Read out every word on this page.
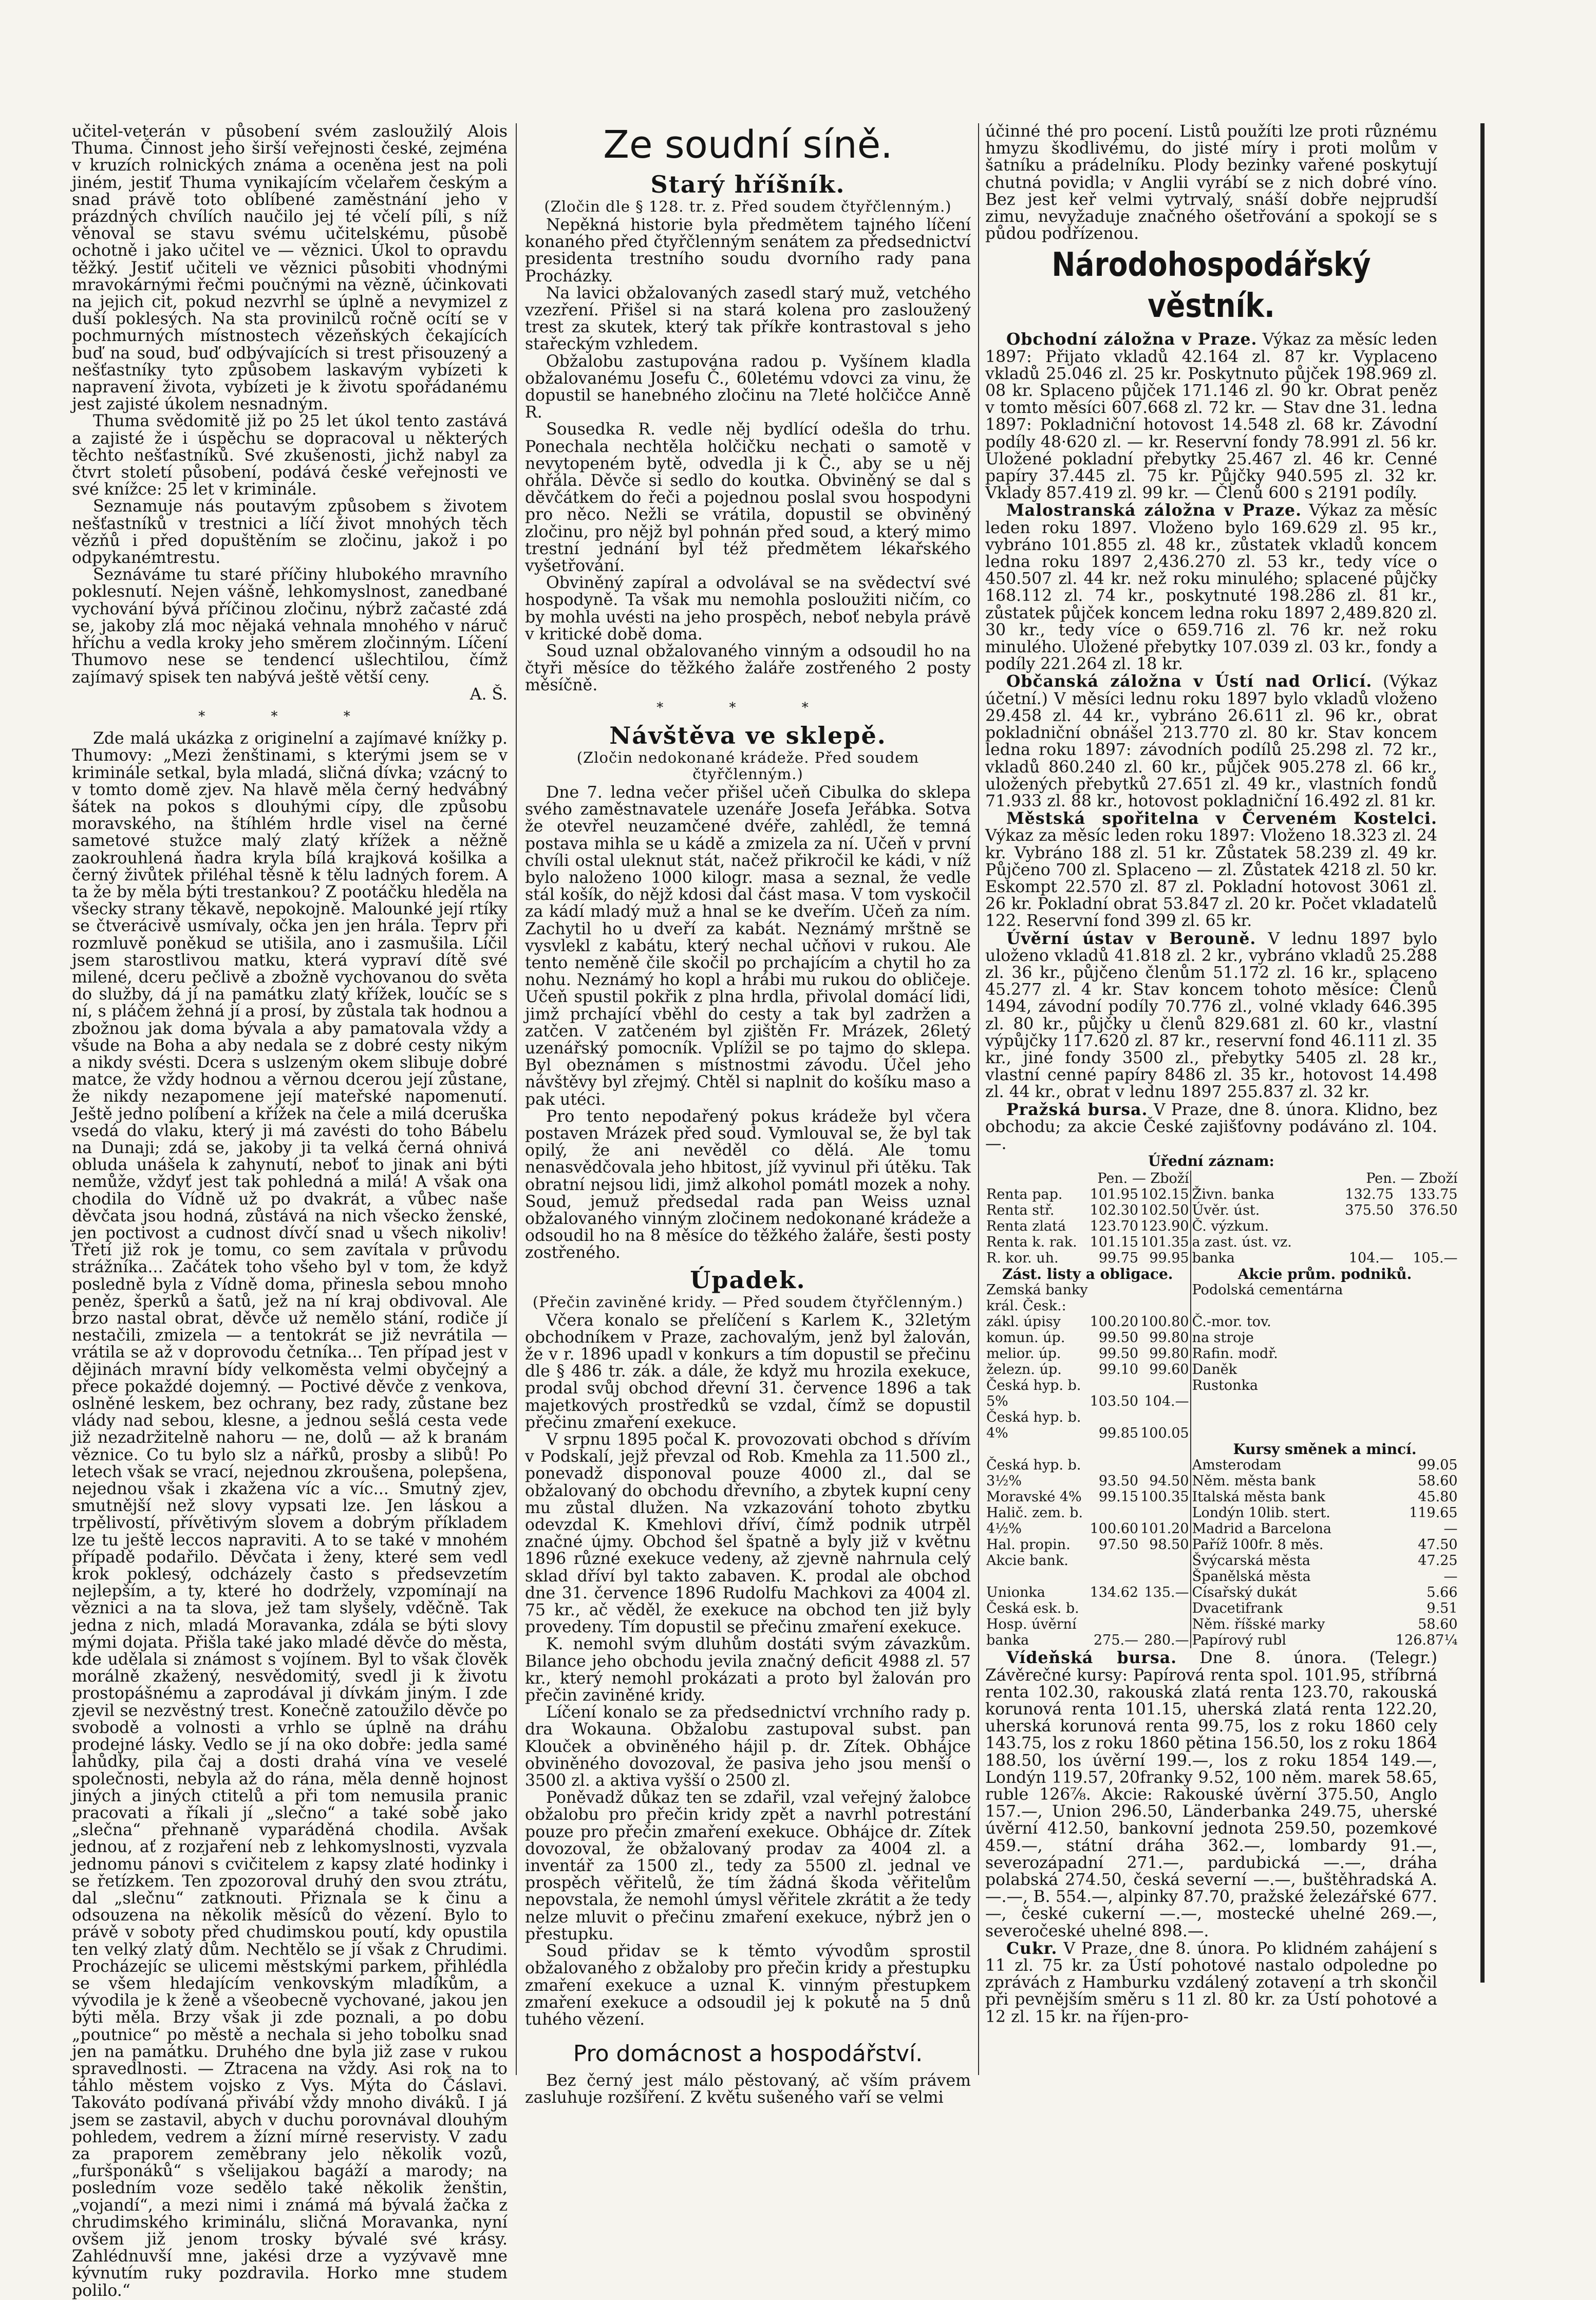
učitel-veterán v působení svém zasloužilý Alois Thuma. Činnost jeho širší veřejnosti české, zejména v kruzích rolnických známa a oceněna jest na poli jiném, jestiť Thuma vynikajícím včelařem českým a snad právě toto oblíbené zaměstnání jeho v prázdných chvílích naučilo jej té včelí píli, s níž věnoval se stavu svému učitelskému, působě ochotně i jako učitel ve — věznici. Úkol to opravdu těžký. Jestiť učiteli ve věznici působiti vhodnými mravokárnými řečmi poučnými na vězně, účinkovati na jejich cit, pokud nezvrhl se úplně a nevymizel z duší poklesých. Na sta provinilců ročně ocítí se v pochmurných místnostech vězeňských čekajících buď na soud, buď odbývajících si trest přisouzený a nešťastníky tyto způsobem laskavým vybízeti k napravení života, vybízeti je k životu spořádanému jest zajisté úkolem nesnadným.

Thuma svědomitě již po 25 let úkol tento zastává a zajisté že i úspěchu se dopracoval u některých těchto nešťastníků. Své zkušenosti, jichž nabyl za čtvrt století působení, podává české veřejnosti ve své knížce: 25 let v kriminále.

Seznamuje nás poutavým způsobem s životem nešťastníků v trestnici a líčí život mnohých těch vězňů i před dopuštěním se zločinu, jakož i po odpykanémtrestu.

Seznáváme tu staré příčiny hlubokého mravního poklesnutí. Nejen vášně, lehkomyslnost, zanedbané vychování bývá příčinou zločinu, nýbrž začasté zdá se, jakoby zlá moc nějaká vehnala mnohého v náruč hříchu a vedla kroky jeho směrem zločinným. Líčení Thumovo nese se tendencí ušlechtilou, čímž zajímavý spisek ten nabývá ještě větší ceny.

A. Š.
* * *

Zde malá ukázka z originelní a zajímavé knížky p. Thumovy: „Mezi ženštinami, s kterými jsem se v kriminále setkal, byla mladá, sličná dívka; vzácný to v tomto domě zjev. Na hlavě měla černý hedvábný šátek na pokos s dlouhými cípy, dle způsobu moravského, na štíhlém hrdle visel na černé sametové stužce malý zlatý křížek a něžně zaokrouhlená ňadra kryla bílá krajková košilka a černý živůtek přiléhal těsně k tělu ladných forem. A ta že by měla býti trestankou? Z pootáčku hleděla na všecky strany těkavě, nepokojně. Malounké její rtíky se čtverácivě usmívaly, očka jen jen hrála. Teprv při rozmluvě poněkud se utišila, ano i zasmušila. Líčil jsem starostlivou matku, která vypraví dítě své milené, dceru pečlivě a zbožně vychovanou do světa do služby, dá jí na památku zlatý křížek, loučíc se s ní, s pláčem žehná jí a prosí, by zůstala tak hodnou a zbožnou jak doma bývala a aby pamatovala vždy a všude na Boha a aby nedala se z dobré cesty nikým a nikdy svésti. Dcera s uslzeným okem slibuje dobré matce, že vždy hodnou a věrnou dcerou její zůstane, že nikdy nezapomene její mateřské napomenutí. Ještě jedno políbení a křížek na čele a milá dceruška vsedá do vlaku, který ji má zavésti do toho Bábelu na Dunaji; zdá se, jakoby ji ta velká černá ohnivá obluda unášela k zahynutí, neboť to jinak ani býti nemůže, vždyť jest tak pohledná a milá! A však ona chodila do Vídně už po dvakrát, a vůbec naše děvčata jsou hodná, zůstává na nich všecko ženské, jen poctivost a cudnost dívčí snad u všech nikoliv! Třetí již rok je tomu, co sem zavítala v průvodu strážníka... Začátek toho všeho byl v tom, že když posledně byla z Vídně doma, přinesla sebou mnoho peněz, šperků a šatů, jež na ní kraj obdivoval. Ale brzo nastal obrat, děvče už nemělo stání, rodiče jí nestačili, zmizela — a tentokrát se již nevrátila — vrátila se až v doprovodu četníka... Ten případ jest v dějinách mravní bídy velkoměsta velmi obyčejný a přece pokaždé dojemný. — Poctivé děvče z venkova, oslněné leskem, bez ochrany, bez rady, zůstane bez vlády nad sebou, klesne, a jednou sešlá cesta vede již nezadržitelně nahoru — ne, dolů — až k branám věznice. Co tu bylo slz a nářků, prosby a slibů! Po letech však se vrací, nejednou zkroušena, polepšena, nejednou však i zkažena víc a víc... Smutný zjev, smutnější než slovy vypsati lze. Jen láskou a trpělivostí, přívětivým slovem a dobrým příkladem lze tu ještě leccos napraviti. A to se také v mnohém případě podařilo. Děvčata i ženy, které sem vedl krok poklesý, odcházely často s předsevzetím nejlepším, a ty, které ho dodržely, vzpomínají na věznici a na ta slova, jež tam slyšely, vděčně. Tak jedna z nich, mladá Moravanka, zdála se býti slovy mými dojata. Přišla také jako mladé děvče do města, kde udělala si známost s vojínem. Byl to však člověk morálně zkažený, nesvědomitý, svedl ji k životu prostopášnému a zaprodával ji dívkám jiným. I zde zjevil se nezvěstný trest. Konečně zatoužilo děvče po svobodě a volnosti a vrhlo se úplně na dráhu prodejné lásky. Vedlo se jí na oko dobře: jedla samé lahůdky, pila čaj a dosti drahá vína ve veselé společnosti, nebyla až do rána, měla denně hojnost jiných a jiných ctitelů a při tom nemusila pranic pracovati a říkali jí „slečno“ a také sobě jako „slečna“ přehnaně vyparáděná chodila. Avšak jednou, ať z rozjaření neb z lehkomyslnosti, vyzvala jednomu pánovi s cvičitelem z kapsy zlaté hodinky i se řetízkem. Ten zpozoroval druhý den svou ztrátu, dal „slečnu“ zatknouti. Přiznala se k činu a odsouzena na několik měsíců do vězení. Bylo to právě v soboty před chudimskou poutí, kdy opustila ten velký zlatý dům. Nechtělo se jí však z Chrudimi. Procházejíc se ulicemi městskými parkem, přihlédla se všem hledajícím venkovským mladíkům, a vývodila je k ženě a všeobecně vychované, jakou jen býti měla. Brzy však ji zde poznali, a po dobu „poutnice“ po městě a nechala si jeho tobolku snad jen na památku. Druhého dne byla již zase v rukou spravedlnosti. — Ztracena na vždy. Asi rok na to táhlo městem vojsko z Vys. Mýta do Čáslavi. Takováto podívaná přivábí vždy mnoho diváků. I já jsem se zastavil, abych v duchu porovnával dlouhým pohledem, vedrem a žízní mírné reservisty. V zadu za praporem zeměbrany jelo několik vozů, „furšponáků“ s všelijakou bagáží a marody; na posledním voze sedělo také několik ženštin, „vojandí“, a mezi nimi i známá má bývalá žačka z chrudimského kriminálu, sličná Moravanka, nyní ovšem již jenom trosky bývalé své krásy. Zahlédnuvší mne, jakési drze a vyzývavě mne kývnutím ruky pozdravila. Horko mne studem polilo.“

Ze soudní síně.
Starý hříšník.
(Zločin dle § 128. tr. z. Před soudem čtyřčlenným.)

Nepěkná historie byla předmětem tajného líčení konaného před čtyřčlenným senátem za předsednictví presidenta trestního soudu dvorního rady pana Procházky.

Na lavici obžalovaných zasedl starý muž, vetchého vzezření. Přišel si na stará kolena pro zasloužený trest za skutek, který tak příkře kontrastoval s jeho stařeckým vzhledem.

Obžalobu zastupována radou p. Vyšínem kladla obžalovanému Josefu Č., 60letému vdovci za vinu, že dopustil se hanebného zločinu na 7leté holčičce Anně R.

Sousedka R. vedle něj bydlící odešla do trhu. Ponechala nechtěla holčičku nechati o samotě v nevytopeném bytě, odvedla ji k Č., aby se u něj ohřála. Děvče si sedlo do koutka. Obviněný se dal s děvčátkem do řeči a pojednou poslal svou hospodyni pro něco. Nežli se vrátila, dopustil se obviněný zločinu, pro nějž byl pohnán před soud, a který mimo trestní jednání byl též předmětem lékařského vyšetřování.

Obviněný zapíral a odvolával se na svědectví své hospodyně. Ta však mu nemohla posloužiti ničím, co by mohla uvésti na jeho prospěch, neboť nebyla právě v kritické době doma.

Soud uznal obžalovaného vinným a odsoudil ho na čtyři měsíce do těžkého žaláře zostřeného 2 posty měsíčně.

* * *
Návštěva ve sklepě.
(Zločin nedokonané krádeže. Před soudem čtyřčlenným.)

Dne 7. ledna večer přišel učeň Cibulka do sklepa svého zaměstnavatele uzenáře Josefa Jeřábka. Sotva že otevřel neuzamčené dvéře, zahlédl, že temná postava mihla se u kádě a zmizela za ní. Učeň v první chvíli ostal uleknut stát, načež přikročil ke kádi, v níž bylo naloženo 1000 kilogr. masa a seznal, že vedle stál košík, do nějž kdosi dal část masa. V tom vyskočil za kádí mladý muž a hnal se ke dveřím. Učeň za ním. Zachytil ho u dveří za kabát. Neznámý mrštně se vysvlekl z kabátu, který nechal učňovi v rukou. Ale tento neměně čile skočil po prchajícím a chytil ho za nohu. Neznámý ho kopl a hrábi mu rukou do obličeje. Učeň spustil pokřik z plna hrdla, přivolal domácí lidi, jimž prchající vběhl do cesty a tak byl zadržen a zatčen. V zatčeném byl zjištěn Fr. Mrázek, 26letý uzenářský pomocník. Vplížil se po tajmo do sklepa. Byl obeznámen s místnostmi závodu. Účel jeho návštěvy byl zřejmý. Chtěl si naplnit do košíku maso a pak utéci.

Pro tento nepodařený pokus krádeže byl včera postaven Mrázek před soud. Vymlouval se, že byl tak opilý, že ani nevěděl co dělá. Ale tomu nenasvědčovala jeho hbitost, jíž vyvinul při útěku. Tak obratní nejsou lidi, jimž alkohol pomátl mozek a nohy. Soud, jemuž předsedal rada pan Weiss uznal obžalovaného vinným zločinem nedokonané krádeže a odsoudil ho na 8 měsíce do těžkého žaláře, šesti posty zostřeného.

Úpadek.
(Přečin zaviněné kridy. — Před soudem čtyřčlenným.)

Včera konalo se přelíčení s Karlem K., 32letým obchodníkem v Praze, zachovalým, jenž byl žalován, že v r. 1896 upadl v konkurs a tím dopustil se přečinu dle § 486 tr. zák. a dále, že když mu hrozila exekuce, prodal svůj obchod dřevní 31. července 1896 a tak majetkových prostředků se vzdal, čímž se dopustil přečinu zmaření exekuce.

V srpnu 1895 počal K. provozovati obchod s dřívím v Podskalí, jejž převzal od Rob. Kmehla za 11.500 zl., ponevadž disponoval pouze 4000 zl., dal se obžalovaný do obchodu dřevního, a zbytek kupní ceny mu zůstal dlužen. Na vzkazování tohoto zbytku odevzdal K. Kmehlovi dříví, čímž podnik utrpěl značné újmy. Obchod šel špatně a byly již v květnu 1896 různé exekuce vedeny, až zjevně nahrnula celý sklad dříví byl takto zabaven. K. prodal ale obchod dne 31. července 1896 Rudolfu Machkovi za 4004 zl. 75 kr., ač věděl, že exekuce na obchod ten již byly provedeny. Tím dopustil se přečinu zmaření exekuce.

K. nemohl svým dluhům dostáti svým závazkům. Bilance jeho obchodu jevila značný deficit 4988 zl. 57 kr., který nemohl prokázati a proto byl žalován pro přečin zaviněné kridy.

Líčení konalo se za předsednictví vrchního rady p. dra Wokauna. Obžalobu zastupoval subst. pan Klouček a obviněného hájil p. dr. Zítek. Obhájce obviněného dovozoval, že pasiva jeho jsou menší o 3500 zl. a aktiva vyšší o 2500 zl.

Poněvadž důkaz ten se zdařil, vzal veřejný žalobce obžalobu pro přečin kridy zpět a navrhl potrestání pouze pro přečin zmaření exekuce. Obhájce dr. Zítek dovozoval, že obžalovaný prodav za 4004 zl. a inventář za 1500 zl., tedy za 5500 zl. jednal ve prospěch věřitelů, že tím žádná škoda věřitelům nepovstala, že nemohl úmysl věřitele zkrátit a že tedy nelze mluvit o přečinu zmaření exekuce, nýbrž jen o přestupku.

Soud přidav se k těmto vývodům sprostil obžalovaného z obžaloby pro přečin kridy a přestupku zmaření exekuce a uznal K. vinným přestupkem zmaření exekuce a odsoudil jej k pokutě na 5 dnů tuhého vězení.

Pro domácnost a hospodářství.

Bez černý jest málo pěstovaný, ač vším právem zasluhuje rozšíření. Z květu sušeného vaří se velmi

účinné thé pro pocení. Listů použíti lze proti různému hmyzu škodlivému, do jisté míry i proti molům v šatníku a prádelníku. Plody bezinky vařené poskytují chutná povidla; v Anglii vyrábí se z nich dobré víno. Bez jest keř velmi vytrvalý, snáší dobře nejprudší zimu, nevyžaduje značného ošetřování a spokojí se s půdou podřízenou.

Národohospodářský věstník.

Obchodní záložna v Praze. Výkaz za měsíc leden 1897: Přijato vkladů 42.164 zl. 87 kr. Vyplaceno vkladů 25.046 zl. 25 kr. Poskytnuto půjček 198.969 zl. 08 kr. Splaceno půjček 171.146 zl. 90 kr. Obrat peněz v tomto měsíci 607.668 zl. 72 kr. — Stav dne 31. ledna 1897: Pokladniční hotovost 14.548 zl. 68 kr. Závodní podíly 48·620 zl. — kr. Reservní fondy 78.991 zl. 56 kr. Uložené pokladní přebytky 25.467 zl. 46 kr. Cenné papíry 37.445 zl. 75 kr. Půjčky 940.595 zl. 32 kr. Vklady 857.419 zl. 99 kr. — Členů 600 s 2191 podíly.

Malostranská záložna v Praze. Výkaz za měsíc leden roku 1897. Vloženo bylo 169.629 zl. 95 kr., vybráno 101.855 zl. 48 kr., zůstatek vkladů koncem ledna roku 1897 2,436.270 zl. 53 kr., tedy více o 450.507 zl. 44 kr. než roku minulého; splacené půjčky 168.112 zl. 74 kr., poskytnuté 198.286 zl. 81 kr., zůstatek půjček koncem ledna roku 1897 2,489.820 zl. 30 kr., tedy více o 659.716 zl. 76 kr. než roku minulého. Uložené přebytky 107.039 zl. 03 kr., fondy a podíly 221.264 zl. 18 kr.

Občanská záložna v Ústí nad Orlicí. (Výkaz účetní.) V měsíci lednu roku 1897 bylo vkladů vloženo 29.458 zl. 44 kr., vybráno 26.611 zl. 96 kr., obrat pokladniční obnášel 213.770 zl. 80 kr. Stav koncem ledna roku 1897: závodních podílů 25.298 zl. 72 kr., vkladů 860.240 zl. 60 kr., půjček 905.278 zl. 66 kr., uložených přebytků 27.651 zl. 49 kr., vlastních fondů 71.933 zl. 88 kr., hotovost pokladniční 16.492 zl. 81 kr.

Městská spořitelna v Červeném Kostelci. Výkaz za měsíc leden roku 1897: Vloženo 18.323 zl. 24 kr. Vybráno 188 zl. 51 kr. Zůstatek 58.239 zl. 49 kr. Půjčeno 700 zl. Splaceno — zl. Zůstatek 4218 zl. 50 kr. Eskompt 22.570 zl. 87 zl. Pokladní hotovost 3061 zl. 26 kr. Pokladní obrat 53.847 zl. 20 kr. Počet vkladatelů 122. Reservní fond 399 zl. 65 kr.

Úvěrní ústav v Berouně. V lednu 1897 bylo uloženo vkladů 41.818 zl. 2 kr., vybráno vkladů 25.288 zl. 36 kr., půjčeno členům 51.172 zl. 16 kr., splaceno 45.277 zl. 4 kr. Stav koncem tohoto měsíce: Členů 1494, závodní podíly 70.776 zl., volné vklady 646.395 zl. 80 kr., půjčky u členů 829.681 zl. 60 kr., vlastní výpůjčky 117.620 zl. 87 kr., reservní fond 46.111 zl. 35 kr., jiné fondy 3500 zl., přebytky 5405 zl. 28 kr., vlastní cenné papíry 8486 zl. 35 kr., hotovost 14.498 zl. 44 kr., obrat v lednu 1897 255.837 zl. 32 kr.

Pražská bursa. V Praze, dne 8. února. Klidno, bez obchodu; za akcie České zajišťovny podáváno zl. 104.—.

Úřední záznam:
	Pen. — Zboží			Pen. — Zboží	
Renta pap.	101.95	102.15	Živn. banka	132.75	133.75
Renta stř.	102.30	102.50	Úvěr. úst.	375.50	376.50
Renta zlatá	123.70	123.90	Č. výzkum.		
Renta k. rak.	101.15	101.35	a zast. úst. vz.		
R. kor. uh.	99.75	99.95	banka	104.—	105.—
Zást. listy a obligace.			Akcie prům. podniků.		
Zemská banky			Podolská cementárna		
král. Česk.:					
zákl. úpisy	100.20	100.80	Č.-mor. tov.		
komun. úp.	99.50	99.80	na stroje		
melior. úp.	99.50	99.80	Rafin. modř.		
železn. úp.	99.10	99.60	Daněk		
Česká hyp. b.			Rustonka		
5%	103.50	104.—			
Česká hyp. b.					
4%	99.85	100.05			
			Kursy směnek a mincí.		
Česká hyp. b.			Amsterodam		99.05
3½%	93.50	94.50	Něm. města bank		58.60
Moravské 4%	99.15	100.35	Italská města bank		45.80
Halič. zem. b.			Londýn 10lib. stert.		119.65
4½%	100.60	101.20	Madrid a Barcelona		—
Hal. propin.	97.50	98.50	Paříž 100fr. 8 měs.		47.50
Akcie bank.			Švýcarská města		47.25
			Španělská města		—
Unionka	134.62	135.—	Císařský dukát		5.66
Česká esk. b.			Dvacetifrank		9.51
Hosp. úvěrní			Něm. říšské marky		58.60
banka	275.—	280.—	Papírový rubl		126.87¼

Vídeňská bursa. Dne 8. února. (Telegr.) Závěrečné kursy: Papírová renta spol. 101.95, stříbrná renta 102.30, rakouská zlatá renta 123.70, rakouská korunová renta 101.15, uherská zlatá renta 122.20, uherská korunová renta 99.75, los z roku 1860 cely 143.75, los z roku 1860 pětina 156.50, los z roku 1864 188.50, los úvěrní 199.—, los z roku 1854 149.—, Londýn 119.57, 20franky 9.52, 100 něm. marek 58.65, ruble 126⅞. Akcie: Rakouské úvěrní 375.50, Anglo 157.—, Union 296.50, Länderbanka 249.75, uherské úvěrní 412.50, bankovní jednota 259.50, pozemkové 459.—, státní dráha 362.—, lombardy 91.—, severozápadní 271.—, pardubická —.—, dráha polabská 274.50, česká severní —.—, buštěhradská A. —.—, B. 554.—, alpinky 87.70, pražské železářské 677.—, české cukerní —.—, mostecké uhelné 269.—, severočeské uhelné 898.—.

Cukr. V Praze, dne 8. února. Po klidném zahájení s 11 zl. 75 kr. za Ústí pohotové nastalo odpoledne po zprávách z Hamburku vzdálený zotavení a trh skončil při pevnějším směru s 11 zl. 80 kr. za Ústí pohotové a 12 zl. 15 kr. na říjen-pro-
